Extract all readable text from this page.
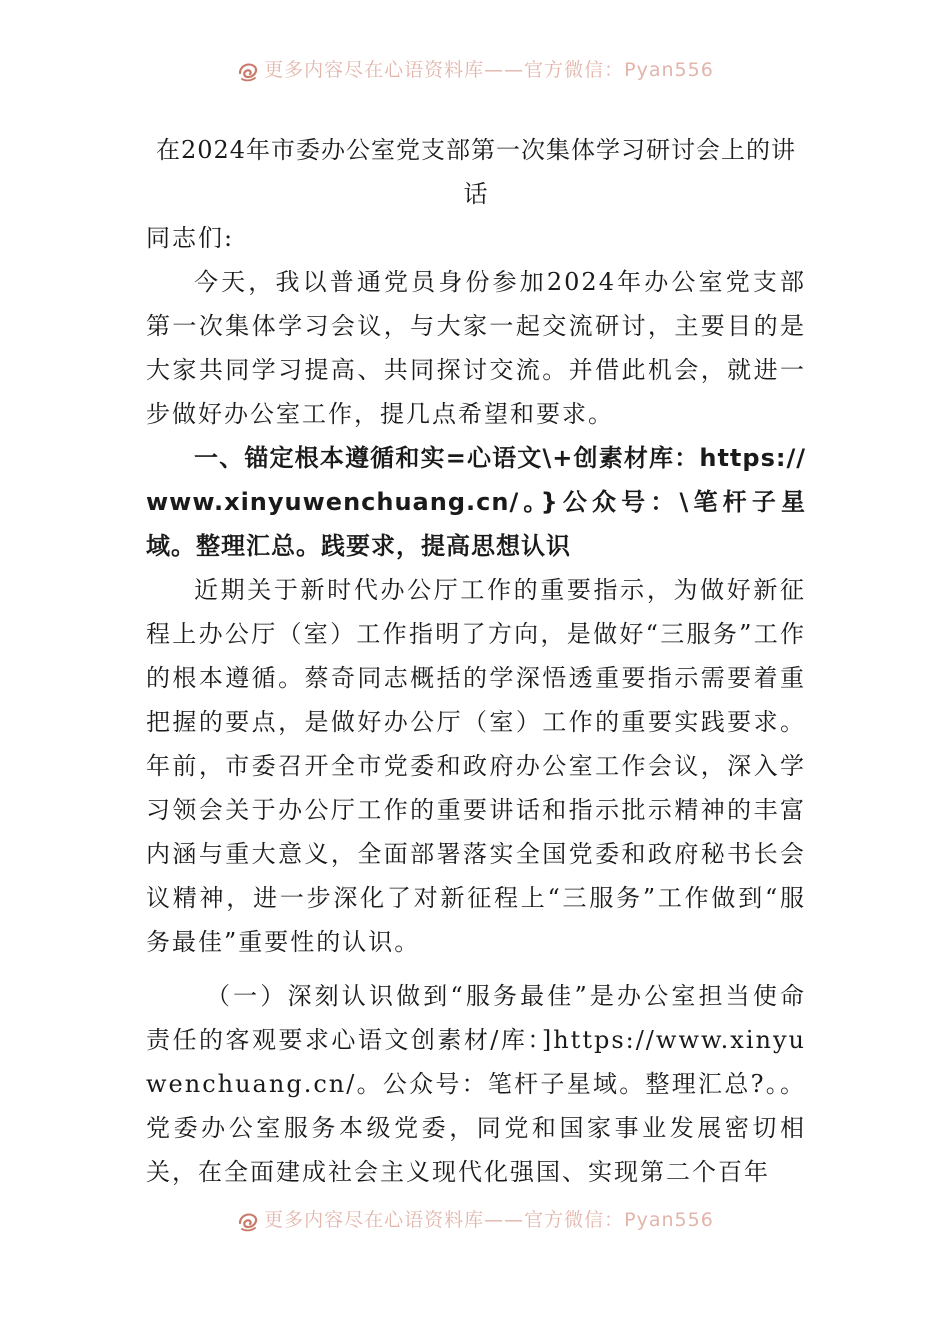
更多内容尽在心语资料库——官方微信：Pyan556
在2024年市委办公室党支部第一次集体学习研讨会上的讲话

同志们:

今天，我以普通党员身份参加2024年办公室党支部第一次集体学习会议，与大家一起交流研讨，主要目的是大家共同学习提高、共同探讨交流。并借此机会，就进一步做好办公室工作，提几点希望和要求。

一、锚定根本遵循和实=心语文\+创素材库：https://www.xinyuwenchuang.cn/。}公众号：\笔杆子星域。整理汇总。践要求，提高思想认识

近期关于新时代办公厅工作的重要指示，为做好新征程上办公厅（室）工作指明了方向，是做好“三服务”工作的根本遵循。蔡奇同志概括的学深悟透重要指示需要着重把握的要点，是做好办公厅（室）工作的重要实践要求。年前，市委召开全市党委和政府办公室工作会议，深入学习领会关于办公厅工作的重要讲话和指示批示精神的丰富内涵与重大意义，全面部署落实全国党委和政府秘书长会议精神，进一步深化了对新征程上“三服务”工作做到“服务最佳”重要性的认识。

（一）深刻认识做到“服务最佳”是办公室担当使命责任的客观要求心语文创素材/库：]https://www.xinyuwenchuang.cn/。公众号：笔杆子星域。整理汇总?。。党委办公室服务本级党委，同党和国家事业发展密切相关，在全面建成社会主义现代化强国、实现第二个百年

更多内容尽在心语资料库——官方微信：Pyan556
